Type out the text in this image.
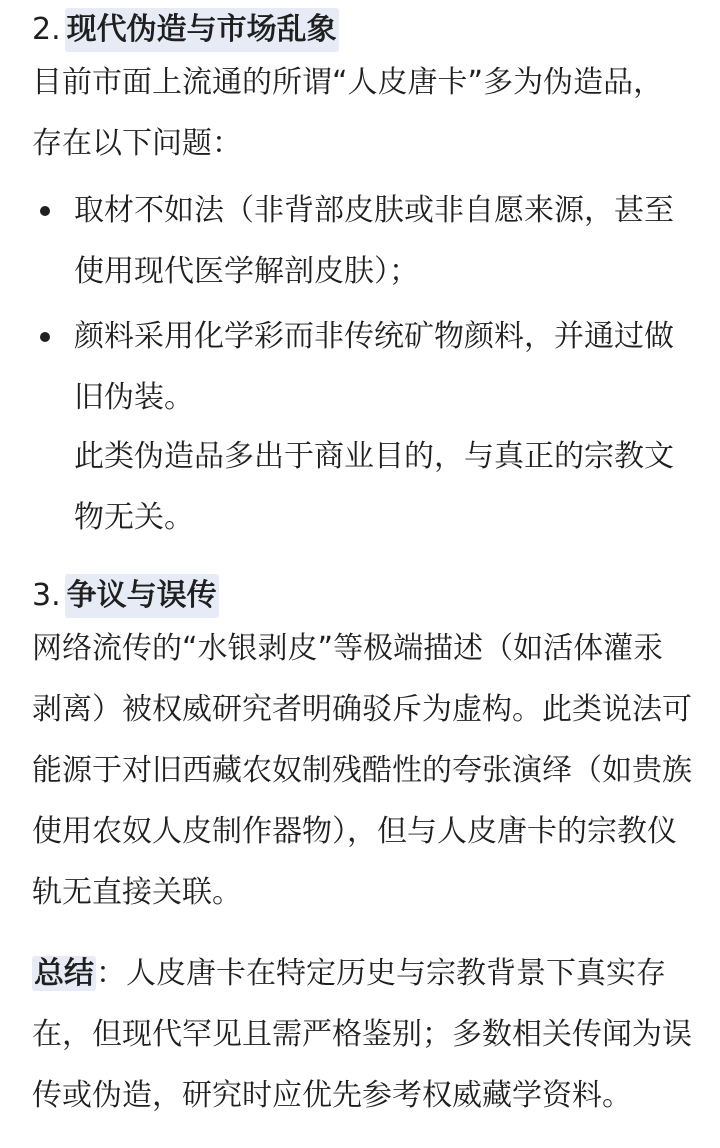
2. 现代伪造与市场乱象

目前市面上流通的所谓“人皮唐卡”多为伪造品，存在以下问题：

取材不如法（非背部皮肤或非自愿来源，甚至使用现代医学解剖皮肤）；
颜料采用化学彩而非传统矿物颜料，并通过做旧伪装。

此类伪造品多出于商业目的，与真正的宗教文物无关。

3. 争议与误传

网络流传的“水银剥皮”等极端描述（如活体灌汞剥离）被权威研究者明确驳斥为虚构。此类说法可能源于对旧西藏农奴制残酷性的夸张演绎（如贵族使用农奴人皮制作器物），但与人皮唐卡的宗教仪轨无直接关联。

总结：人皮唐卡在特定历史与宗教背景下真实存在，但现代罕见且需严格鉴别；多数相关传闻为误传或伪造，研究时应优先参考权威藏学资料。
